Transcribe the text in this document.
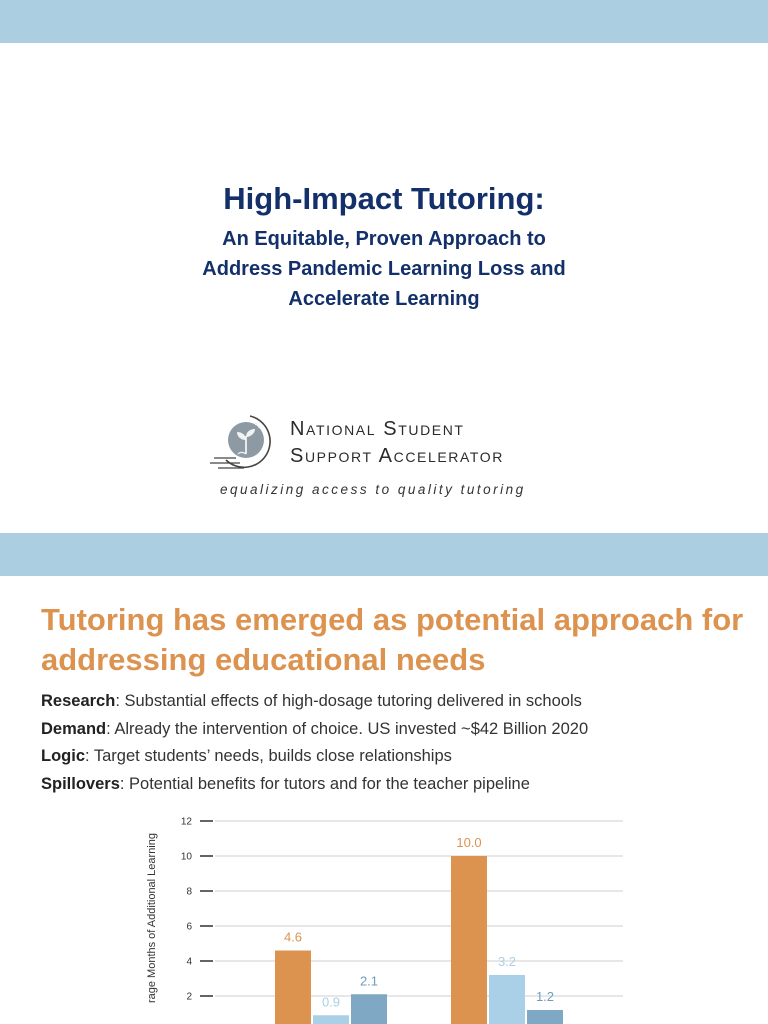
High-Impact Tutoring:
An Equitable, Proven Approach to
Address Pandemic Learning Loss and
Accelerate Learning
National Student
Support Accelerator
equalizing access to quality tutoring
Tutoring has emerged as potential approach for addressing educational needs
Research: Substantial effects of high-dosage tutoring delivered in schools
Demand: Already the intervention of choice. US invested ~$42 Billion 2020
Logic: Target students’ needs, builds close relationships
Spillovers: Potential benefits for tutors and for the teacher pipeline
rage Months of Additional Learning	2
4
6
8
10
12
4.6
0.9
2.1
10.0
3.2
1.2
